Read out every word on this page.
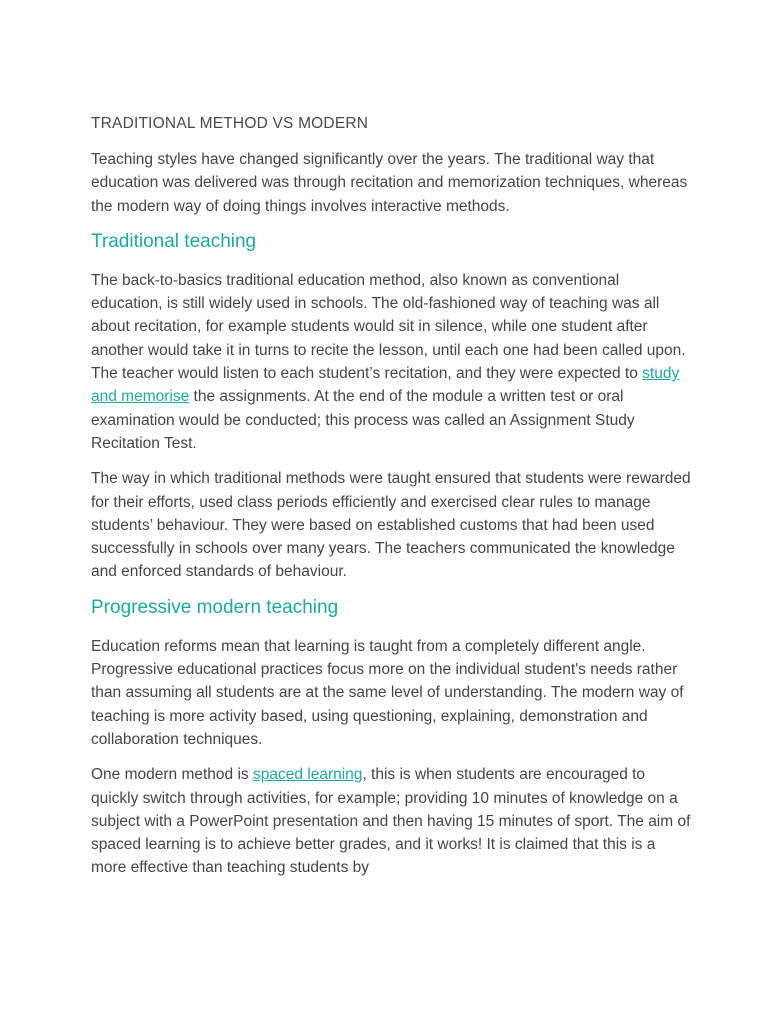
TRADITIONAL METHOD VS MODERN

Teaching styles have changed significantly over the years. The traditional way that education was delivered was through recitation and memorization techniques, whereas the modern way of doing things involves interactive methods.

Traditional teaching

The back-to-basics traditional education method, also known as conventional education, is still widely used in schools. The old-fashioned way of teaching was all about recitation, for example students would sit in silence, while one student after another would take it in turns to recite the lesson, until each one had been called upon. The teacher would listen to each student’s recitation, and they were expected to study and memorise the assignments. At the end of the module a written test or oral examination would be conducted; this process was called an Assignment Study Recitation Test.

The way in which traditional methods were taught ensured that students were rewarded for their efforts, used class periods efficiently and exercised clear rules to manage students’ behaviour. They were based on established customs that had been used successfully in schools over many years. The teachers communicated the knowledge and enforced standards of behaviour.

Progressive modern teaching

Education reforms mean that learning is taught from a completely different angle. Progressive educational practices focus more on the individual student's needs rather than assuming all students are at the same level of understanding. The modern way of teaching is more activity based, using questioning, explaining, demonstration and collaboration techniques.

One modern method is spaced learning, this is when students are encouraged to quickly switch through activities, for example; providing 10 minutes of knowledge on a subject with a PowerPoint presentation and then having 15 minutes of sport. The aim of spaced learning is to achieve better grades, and it works! It is claimed that this is a more effective than teaching students by
